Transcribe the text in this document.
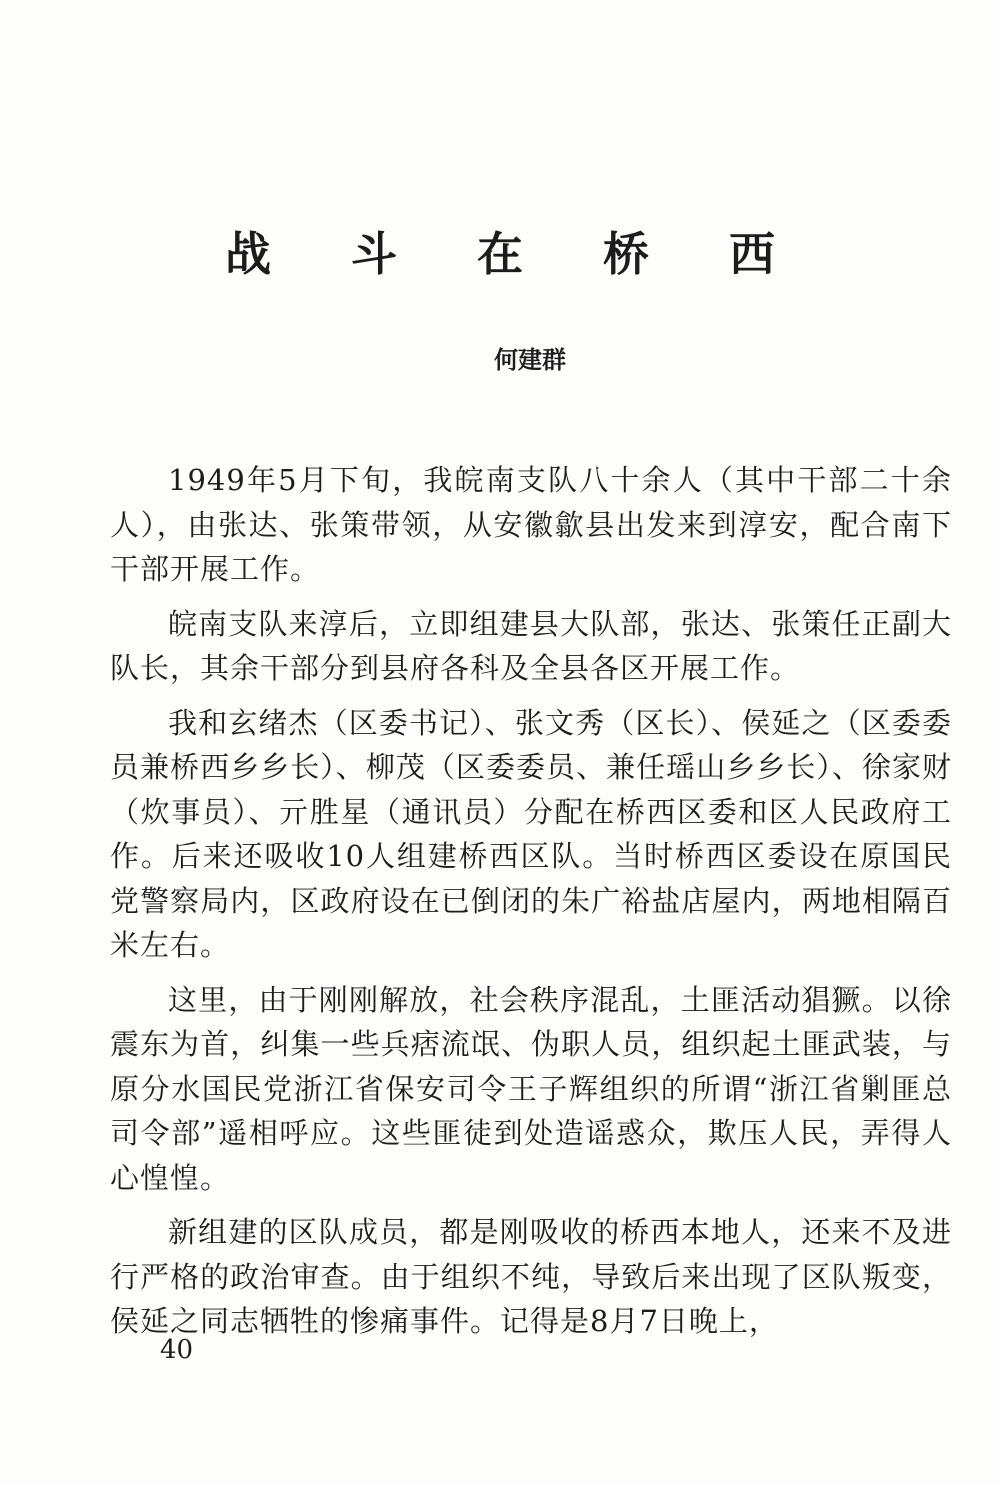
战 斗 在 桥 西
何建群

1949年5月下旬，我皖南支队八十余人（其中干部二十余人），由张达、张策带领，从安徽歙县出发来到淳安，配合南下干部开展工作。

皖南支队来淳后，立即组建县大队部，张达、张策任正副大队长，其余干部分到县府各科及全县各区开展工作。

我和玄绪杰（区委书记）、张文秀（区长）、侯延之（区委委员兼桥西乡乡长）、柳茂（区委委员、兼任瑶山乡乡长）、徐家财（炊事员）、亓胜星（通讯员）分配在桥西区委和区人民政府工作。后来还吸收10人组建桥西区队。当时桥西区委设在原国民党警察局内，区政府设在已倒闭的朱广裕盐店屋内，两地相隔百米左右。

这里，由于刚刚解放，社会秩序混乱，土匪活动猖獗。以徐震东为首，纠集一些兵痞流氓、伪职人员，组织起土匪武装，与原分水国民党浙江省保安司令王子辉组织的所谓“浙江省剿匪总司令部”遥相呼应。这些匪徒到处造谣惑众，欺压人民，弄得人心惶惶。

新组建的区队成员，都是刚吸收的桥西本地人，还来不及进行严格的政治审查。由于组织不纯，导致后来出现了区队叛变，侯延之同志牺牲的惨痛事件。记得是8月7日晚上，

40
